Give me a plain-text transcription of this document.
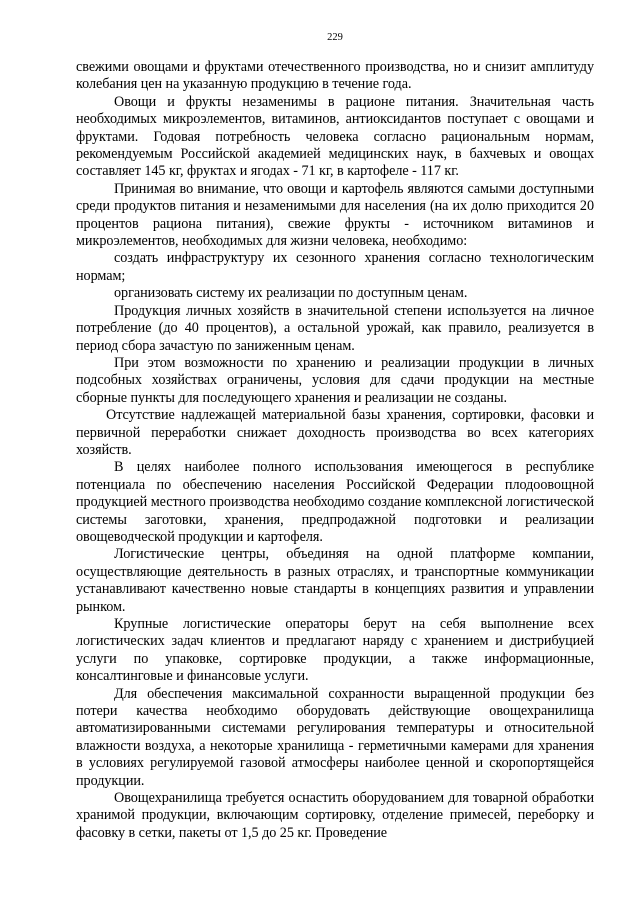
229

свежими овощами и фруктами отечественного производства, но и снизит амплитуду колебания цен на указанную продукцию в течение года.

Овощи и фрукты незаменимы в рационе питания. Значительная часть необходимых микроэлементов, витаминов, антиоксидантов поступает с овощами и фруктами. Годовая потребность человека согласно рациональным нормам, рекомендуемым Российской академией медицинских наук, в бахчевых и овощах составляет 145 кг, фруктах и ягодах - 71 кг, в картофеле - 117 кг.

Принимая во внимание, что овощи и картофель являются самыми доступными среди продуктов питания и незаменимыми для населения (на их долю приходится 20 процентов рациона питания), свежие фрукты - источником витаминов и микроэлементов, необходимых для жизни человека, необходимо:

создать инфраструктуру их сезонного хранения согласно технологическим нормам;

организовать систему их реализации по доступным ценам.

Продукция личных хозяйств в значительной степени используется на личное потребление (до 40 процентов), а остальной урожай, как правило, реализуется в период сбора зачастую по заниженным ценам.

При этом возможности по хранению и реализации продукции в личных подсобных хозяйствах ограничены, условия для сдачи продукции на местные сборные пункты для последующего хранения и реализации не созданы.

Отсутствие надлежащей материальной базы хранения, сортировки, фасовки и первичной переработки снижает доходность производства во всех категориях хозяйств.

В целях наиболее полного использования имеющегося в республике потенциала по обеспечению населения Российской Федерации плодоовощной продукцией местного производства необходимо создание комплексной логистической системы заготовки, хранения, предпродажной подготовки и реализации овощеводческой продукции и картофеля.

Логистические центры, объединяя на одной платформе компании, осуществляющие деятельность в разных отраслях, и транспортные коммуникации устанавливают качественно новые стандарты в концепциях развития и управлении рынком.

Крупные логистические операторы берут на себя выполнение всех логистических задач клиентов и предлагают наряду с хранением и дистрибуцией услуги по упаковке, сортировке продукции, а также информационные, консалтинговые и финансовые услуги.

Для обеспечения максимальной сохранности выращенной продукции без потери качества необходимо оборудовать действующие овощехранилища автоматизированными системами регулирования температуры и относительной влажности воздуха, а некоторые хранилища - герметичными камерами для хранения в условиях регулируемой газовой атмосферы наиболее ценной и скоропортящейся продукции.

Овощехранилища требуется оснастить оборудованием для товарной обработки хранимой продукции, включающим сортировку, отделение примесей, переборку и фасовку в сетки, пакеты от 1,5 до 25 кг. Проведение
